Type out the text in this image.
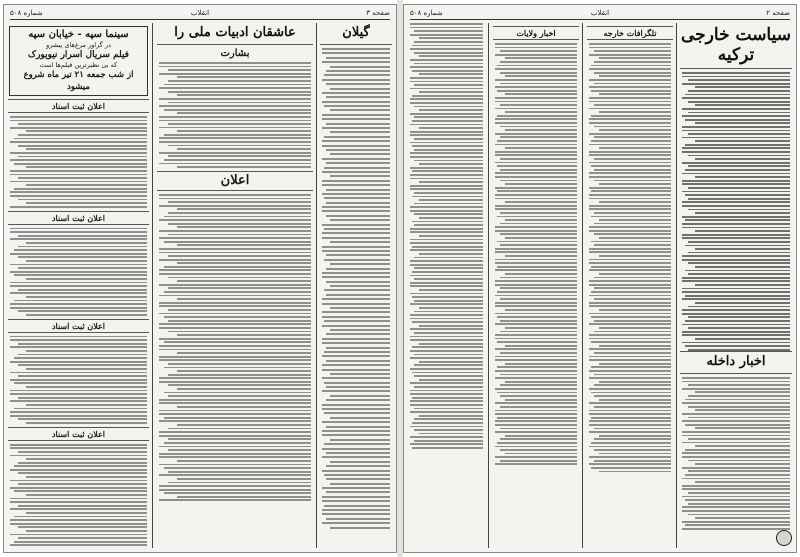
صفحه ۳
انقلاب
شماره ۵۰۸
گیلان
عاشقان ادبیات ملی را
بشارت
اعلان
سینما سپه - خیابان سپه
در گراور مرغ‌های پیشرو
فیلم سریال اسرار نیویورک
که بی نظیرترین فیلم‌ها است
از شب جمعه ۲۱ تیر ماه شروع میشود
اعلان ثبت اسناد
اعلان ثبت اسناد
اعلان ثبت اسناد
اعلان ثبت اسناد
صفحه ۲
انقلاب
شماره ۵۰۸
سیاست خارجی ترکیه
تلگرافات خارجه
اخبار ولایات
اخبار داخله
